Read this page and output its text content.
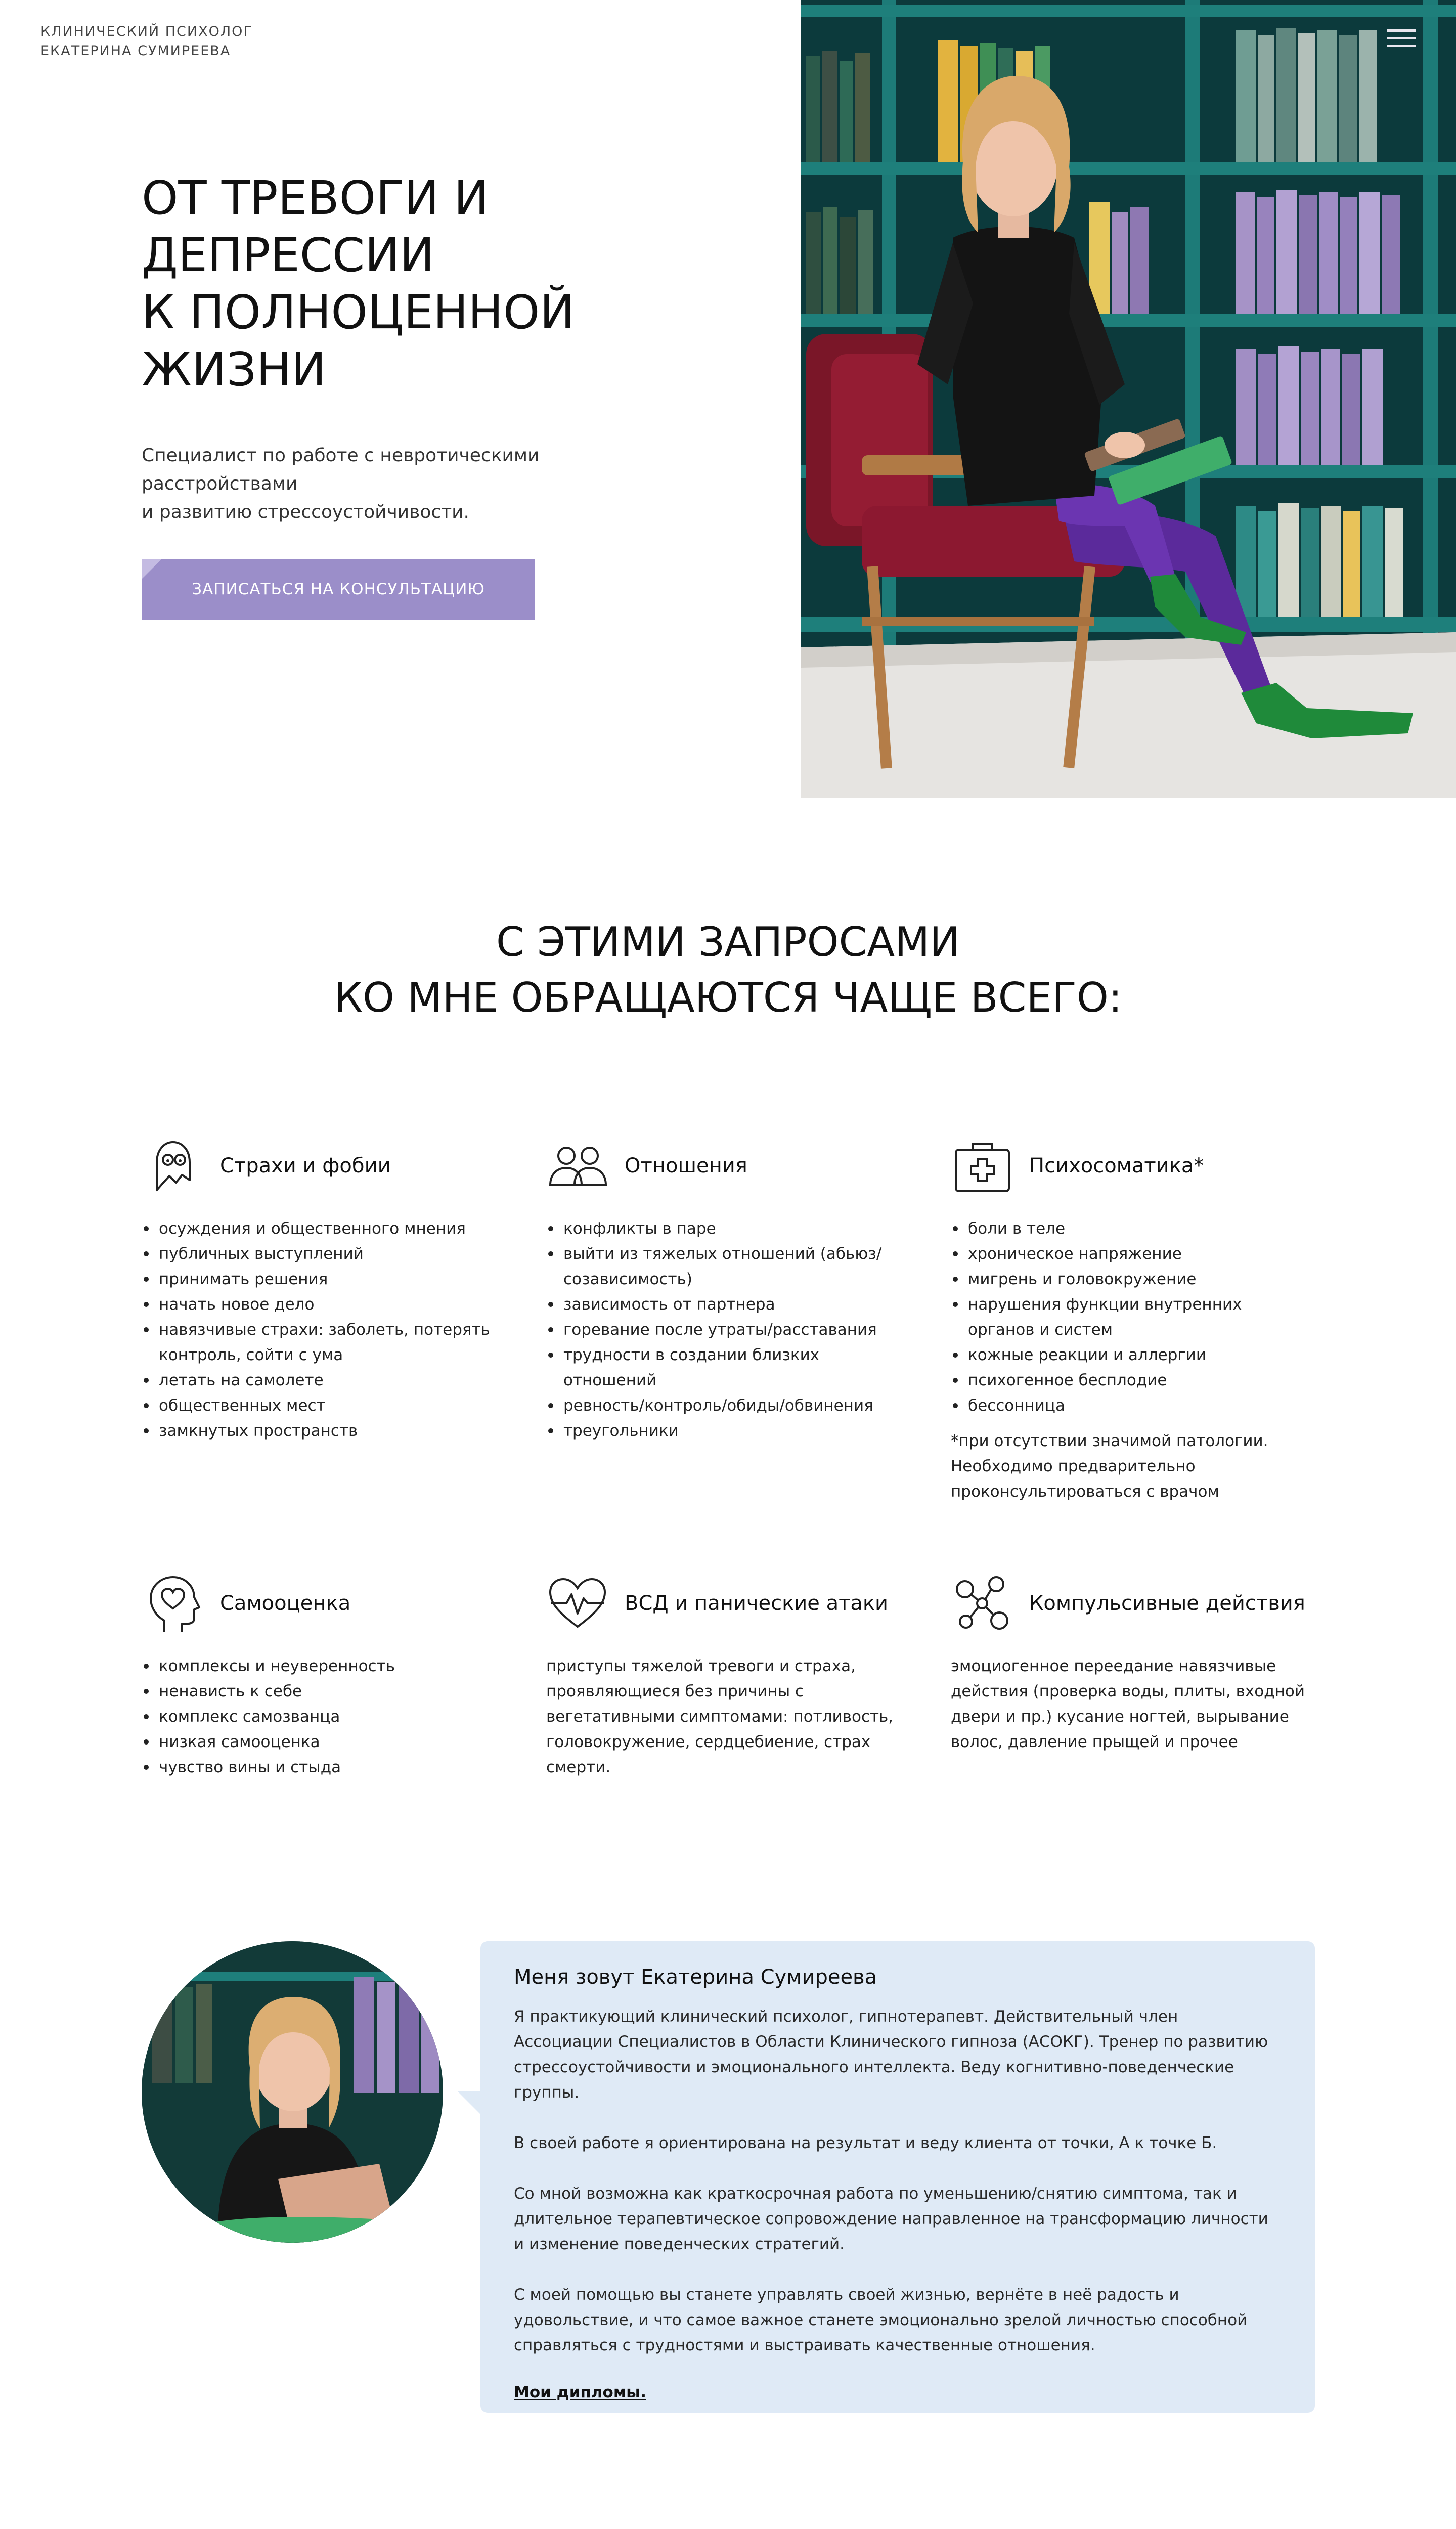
КЛИНИЧЕСКИЙ ПСИХОЛОГ
ЕКАТЕРИНА СУМИРЕЕВА
ОТ ТРЕВОГИ И
ДЕПРЕССИИ
К ПОЛНОЦЕННОЙ
ЖИЗНИ
Специалист по работе с невротическими расстройствами
и развитию стрессоустойчивости.
ЗАПИСАТЬСЯ НА КОНСУЛЬТАЦИЮ
С ЭТИМИ ЗАПРОСАМИ
КО МНЕ ОБРАЩАЮТСЯ ЧАЩЕ ВСЕГО:
Страхи и фобии
осуждения и общественного мнения
публичных выступлений
принимать решения
начать новое дело
навязчивые страхи: заболеть, потерять контроль, сойти с ума
летать на самолете
общественных мест
замкнутых пространств
Отношения
конфликты в паре
выйти из тяжелых отношений (абьюз/созависимость)
зависимость от партнера
горевание после утраты/расставания
трудности в создании близких отношений
ревность/контроль/обиды/обвинения
треугольники
Психосоматика*
боли в теле
хроническое напряжение
мигрень и головокружение
нарушения функции внутренних органов и систем
кожные реакции и аллергии
психогенное бесплодие
бессонница

*при отсутствии значимой патологии. Необходимо предварительно проконсультироваться с врачом

Самооценка
комплексы и неуверенность
ненависть к себе
комплекс самозванца
низкая самооценка
чувство вины и стыда
ВСД и панические атаки

приступы тяжелой тревоги и страха, проявляющиеся без причины с вегетативными симптомами: потливость, головокружение, сердцебиение, страх смерти.

Компульсивные действия

эмоциогенное переедание навязчивые действия (проверка воды, плиты, входной двери и пр.) кусание ногтей, вырывание волос, давление прыщей и прочее

Меня зовут Екатерина Сумиреева

Я практикующий клинический психолог, гипнотерапевт. Действительный член Ассоциации Специалистов в Области Клинического гипноза (АСОКГ). Тренер по развитию стрессоустойчивости и эмоционального интеллекта. Веду когнитивно-поведенческие группы.

В своей работе я ориентирована на результат и веду клиента от точки, А к точке Б.

Со мной возможна как краткосрочная работа по уменьшению/снятию симптома, так и длительное терапевтическое сопровождение направленное на трансформацию личности и изменение поведенческих стратегий.

С моей помощью вы станете управлять своей жизнью, вернёте в неё радость и удовольствие, и что самое важное станете эмоционально зрелой личностью способной справляться с трудностями и выстраивать качественные отношения.

Мои дипломы.
